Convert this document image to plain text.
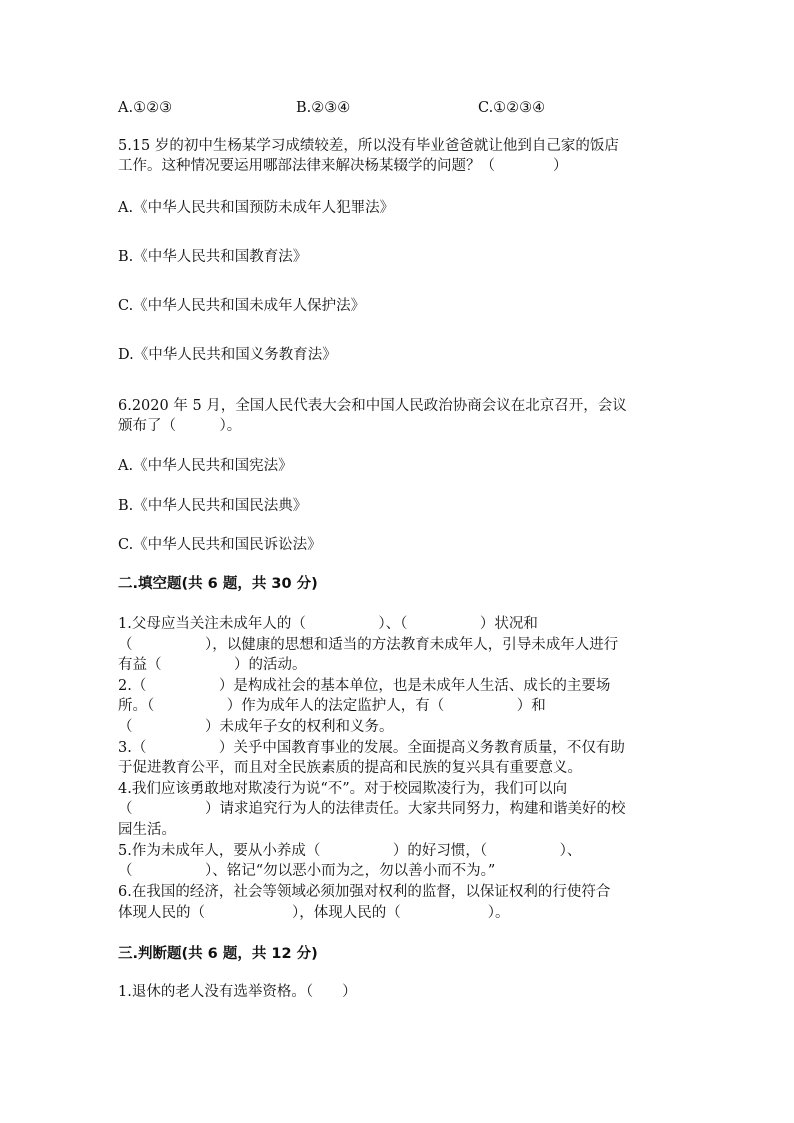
A.①②③	B.②③④	C.①②③④
5.15 岁的初中生杨某学习成绩较差，所以没有毕业爸爸就让他到自己家的饭店
工作。这种情况要运用哪部法律来解决杨某辍学的问题？（　　　　）
A.《中华人民共和国预防未成年人犯罪法》
B.《中华人民共和国教育法》
C.《中华人民共和国未成年人保护法》
D.《中华人民共和国义务教育法》
6.2020 年 5 月，全国人民代表大会和中国人民政治协商会议在北京召开，会议
颁布了（　　　）。
A.《中华人民共和国宪法》
B.《中华人民共和国民法典》
C.《中华人民共和国民诉讼法》
二.填空题(共 6 题，共 30 分)
1.父母应当关注未成年人的（　　　　　）、（　　　　　）状况和
（　　　　　），以健康的思想和适当的方法教育未成年人，引导未成年人进行
有益（　　　　　）的活动。
2.（　　　　　）是构成社会的基本单位，也是未成年人生活、成长的主要场
所。（　　　　　）作为成年人的法定监护人，有（　　　　　）和
（　　　　　）未成年子女的权利和义务。
3.（　　　　　）关乎中国教育事业的发展。全面提高义务教育质量，不仅有助
于促进教育公平，而且对全民族素质的提高和民族的复兴具有重要意义。
4.我们应该勇敢地对欺凌行为说“不”。对于校园欺凌行为，我们可以向
（　　　　　）请求追究行为人的法律责任。大家共同努力，构建和谐美好的校
园生活。
5.作为未成年人，要从小养成（　　　　　）的好习惯，（　　　　　）、
（　　　　　）、铭记“勿以恶小而为之，勿以善小而不为。”
6.在我国的经济，社会等领域必须加强对权利的监督，以保证权利的行使符合
体现人民的（　　　　　　），体现人民的（　　　　　　）。
三.判断题(共 6 题，共 12 分)
1.退休的老人没有选举资格。（　　）
